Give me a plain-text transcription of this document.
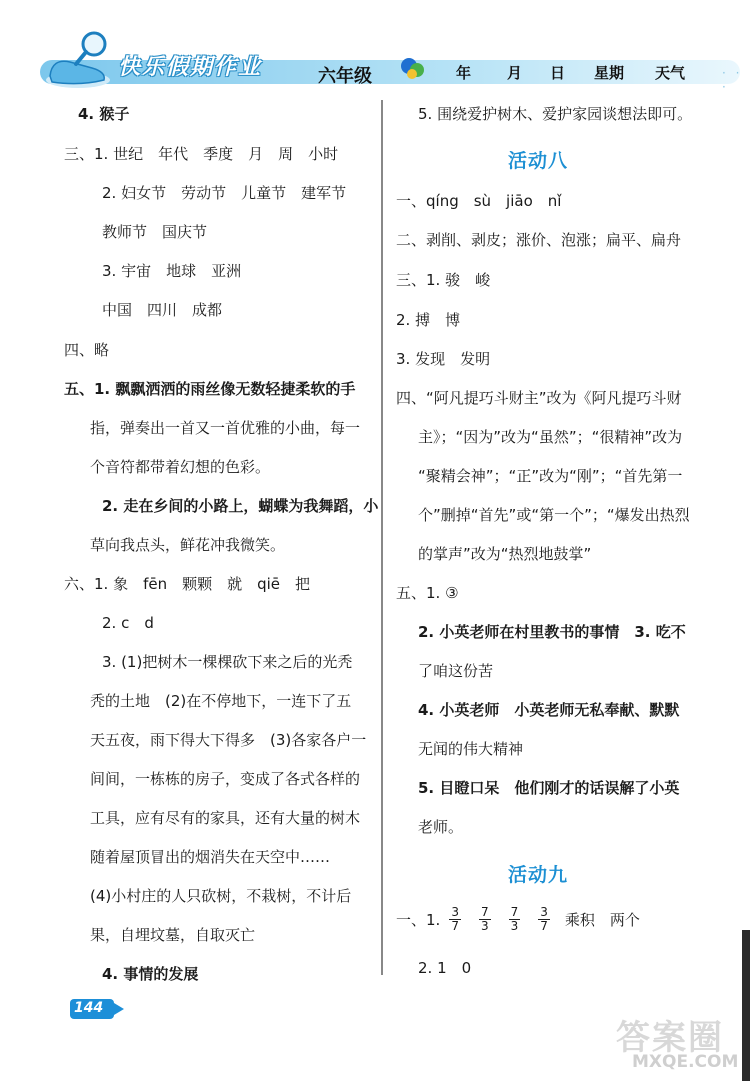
快乐假期作业	六年级	年 月 日 星期 天气	· · ·
4. 猴子
三、1. 世纪　年代　季度　月　周　小时
2. 妇女节　劳动节　儿童节　建军节
教师节　国庆节
3. 宇宙　地球　亚洲
中国　四川　成都
四、略
五、1. 飘飘洒洒的雨丝像无数轻捷柔软的手
指，弹奏出一首又一首优雅的小曲，每一
个音符都带着幻想的色彩。
2. 走在乡间的小路上，蝴蝶为我舞蹈，小
草向我点头，鲜花冲我微笑。
六、1. 象　fēn　颗颗　就　qiē　把
2. c　d
3. (1)把树木一棵棵砍下来之后的光秃
秃的土地　(2)在不停地下，一连下了五
天五夜，雨下得大下得多　(3)各家各户一
间间，一栋栋的房子，变成了各式各样的
工具，应有尽有的家具，还有大量的树木
随着屋顶冒出的烟消失在天空中……
(4)小村庄的人只砍树，不栽树，不计后
果，自埋坟墓，自取灭亡
4. 事情的发展
5. 围绕爱护树木、爱护家园谈想法即可。
活动八
一、qíng　sù　jiāo　nǐ
二、剥削、剥皮；涨价、泡涨；扁平、扁舟
三、1. 骏　峻
2. 搏　博
3. 发现　发明
四、“阿凡提巧斗财主”改为《阿凡提巧斗财
主》；“因为”改为“虽然”；“很精神”改为
“聚精会神”；“正”改为“刚”；“首先第一
个”删掉“首先”或“第一个”；“爆发出热烈
的掌声”改为“热烈地鼓掌”
五、1. ③
2. 小英老师在村里教书的事情　3. 吃不
了咱这份苦
4. 小英老师　小英老师无私奉献、默默
无闻的伟大精神
5. 目瞪口呆　他们刚才的话误解了小英
老师。
活动九
一、1. $\frac{3}{7} \frac{7}{3} \frac{7}{3} \frac{3}{7}$ 乘积　两个
2. 1　0
144
答案圈
MXQE.COM
